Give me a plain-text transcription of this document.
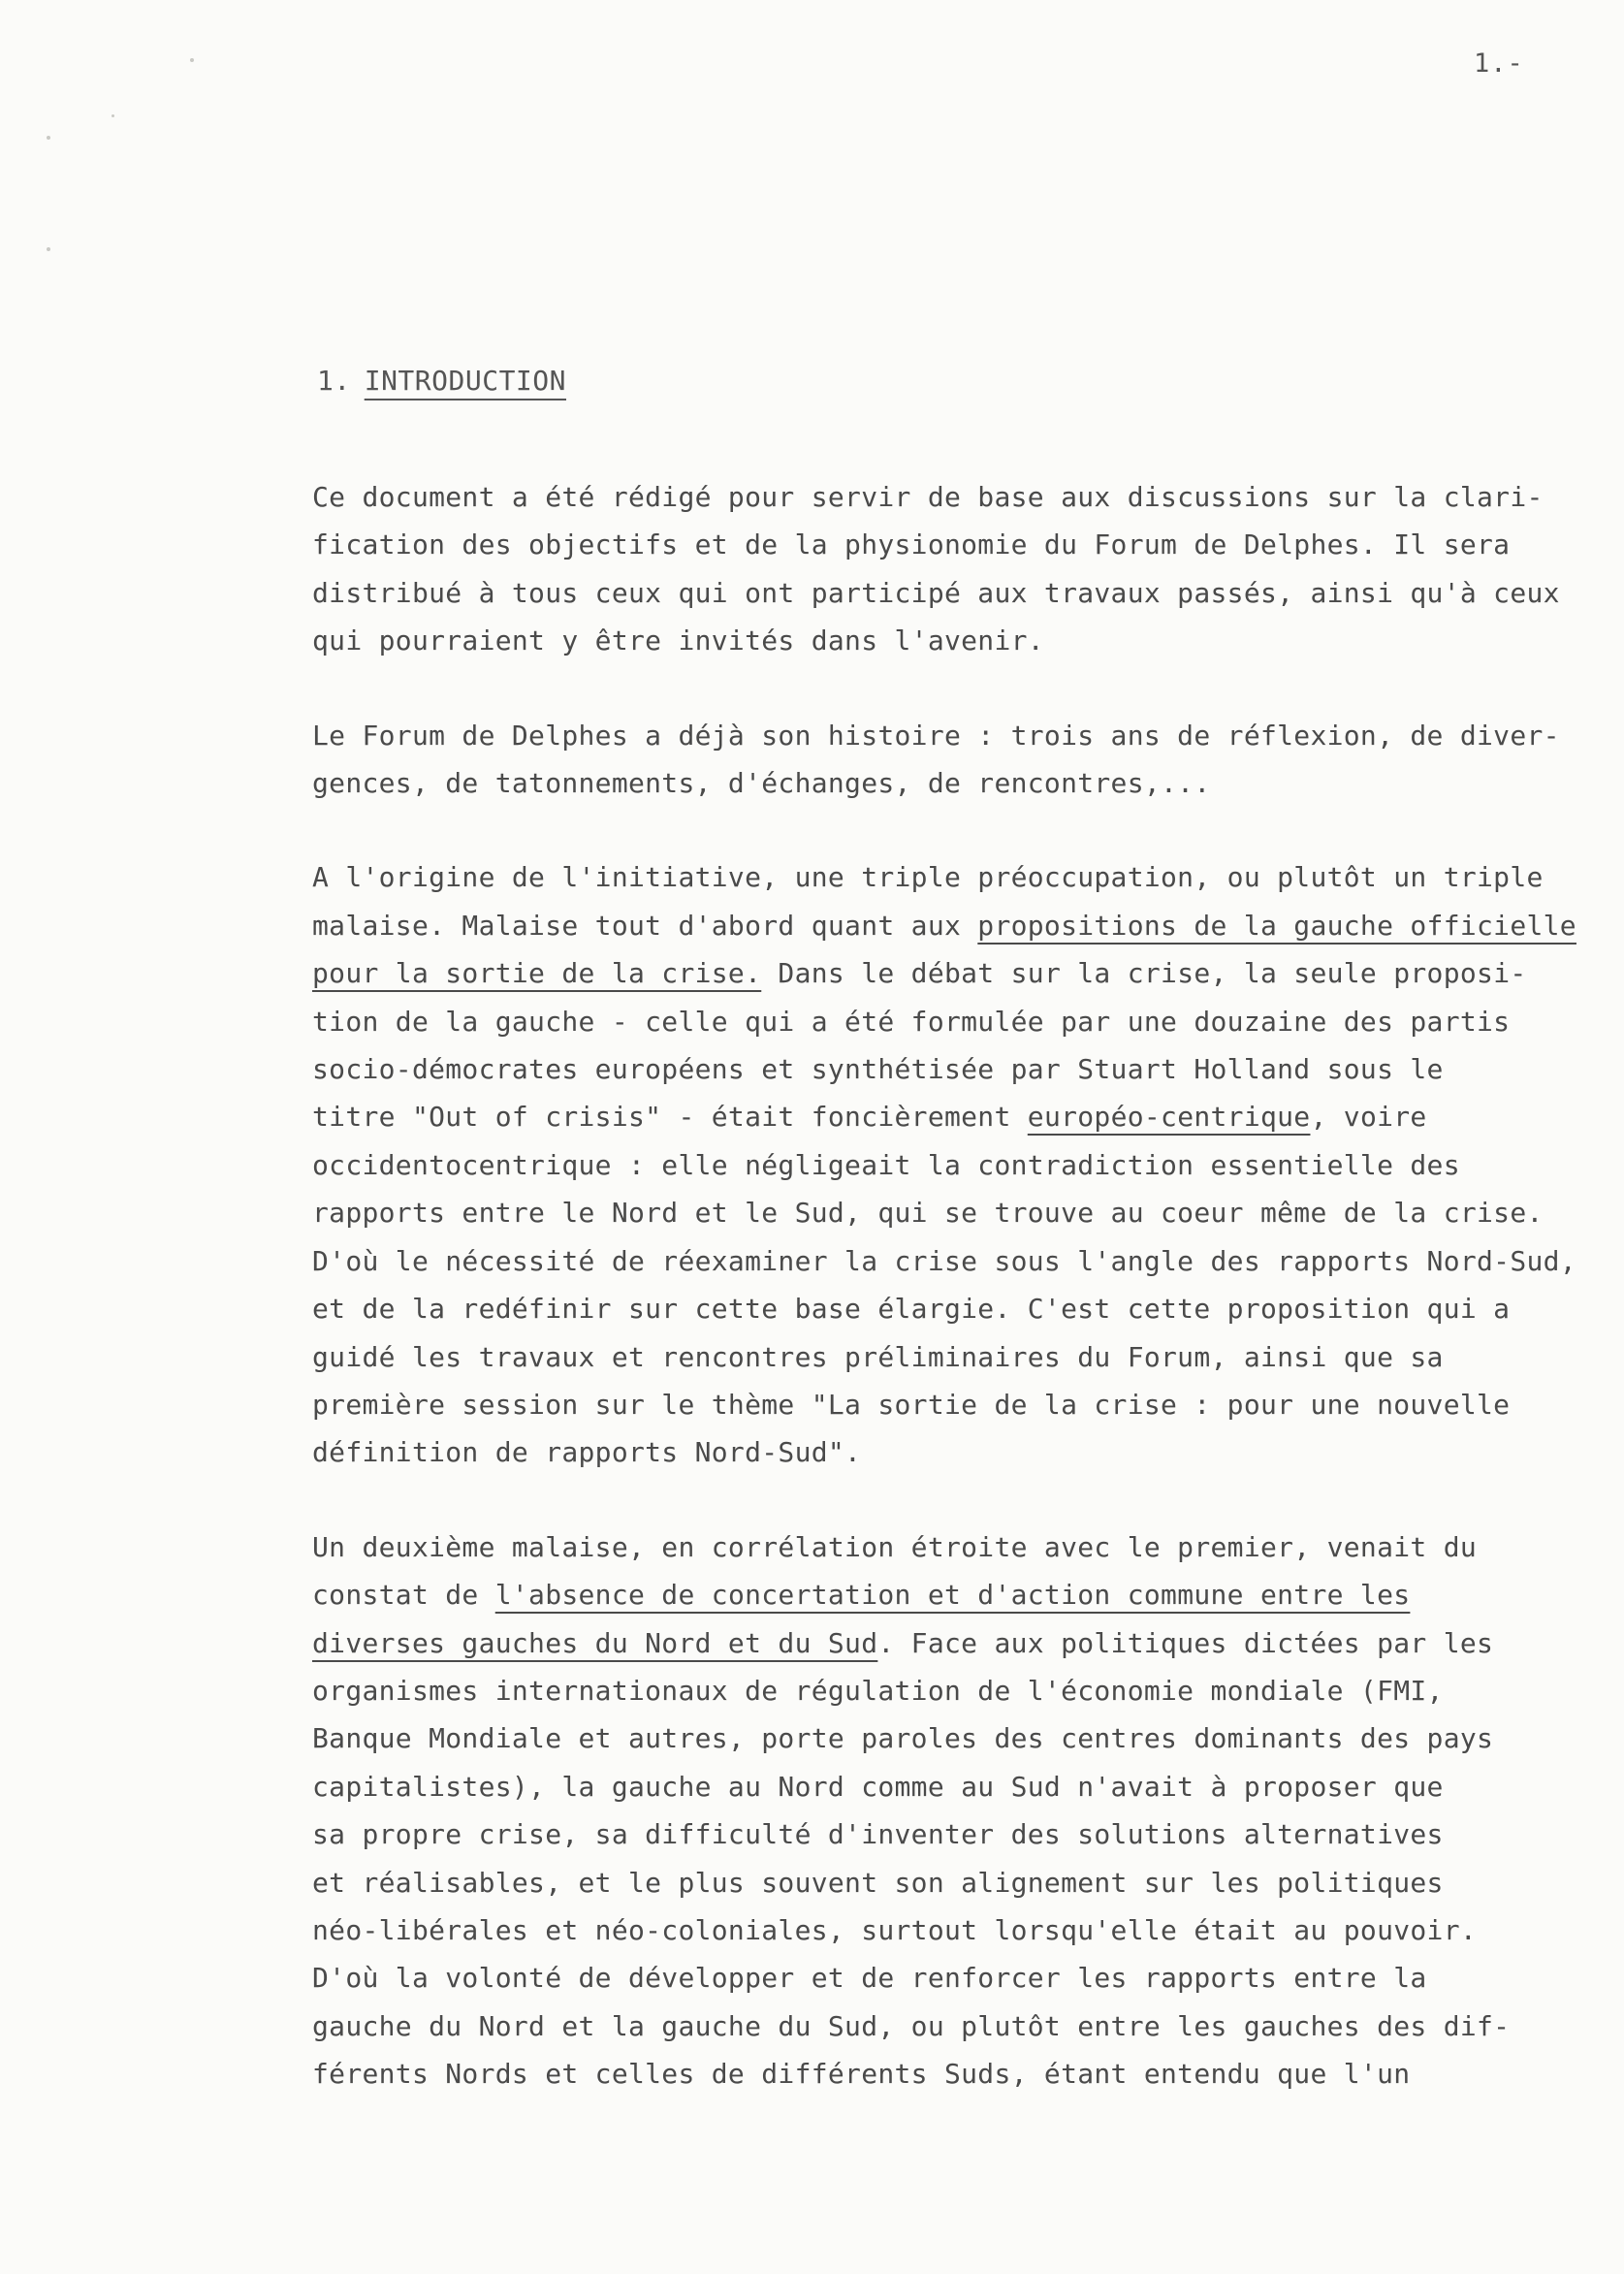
1.-
1. INTRODUCTION
Ce document a été rédigé pour servir de base aux discussions sur la clari-
fication des objectifs et de la physionomie du Forum de Delphes. Il sera
distribué à tous ceux qui ont participé aux travaux passés, ainsi qu'à ceux
qui pourraient y être invités dans l'avenir.
Le Forum de Delphes a déjà son histoire : trois ans de réflexion, de diver-
gences, de tatonnements, d'échanges, de rencontres,...
A l'origine de l'initiative, une triple préoccupation, ou plutôt un triple
malaise. Malaise tout d'abord quant aux propositions de la gauche officielle
pour la sortie de la crise. Dans le débat sur la crise, la seule proposi-
tion de la gauche - celle qui a été formulée par une douzaine des partis
socio-démocrates européens et synthétisée par Stuart Holland sous le
titre "Out of crisis" - était foncièrement européo-centrique, voire
occidentocentrique : elle négligeait la contradiction essentielle des
rapports entre le Nord et le Sud, qui se trouve au coeur même de la crise.
D'où le nécessité de réexaminer la crise sous l'angle des rapports Nord-Sud,
et de la redéfinir sur cette base élargie. C'est cette proposition qui a
guidé les travaux et rencontres préliminaires du Forum, ainsi que sa
première session sur le thème "La sortie de la crise : pour une nouvelle
définition de rapports Nord-Sud".
Un deuxième malaise, en corrélation étroite avec le premier, venait du
constat de l'absence de concertation et d'action commune entre les
diverses gauches du Nord et du Sud. Face aux politiques dictées par les
organismes internationaux de régulation de l'économie mondiale (FMI,
Banque Mondiale et autres, porte paroles des centres dominants des pays
capitalistes), la gauche au Nord comme au Sud n'avait à proposer que
sa propre crise, sa difficulté d'inventer des solutions alternatives
et réalisables, et le plus souvent son alignement sur les politiques
néo-libérales et néo-coloniales, surtout lorsqu'elle était au pouvoir.
D'où la volonté de développer et de renforcer les rapports entre la
gauche du Nord et la gauche du Sud, ou plutôt entre les gauches des dif-
férents Nords et celles de différents Suds, étant entendu que l'un
